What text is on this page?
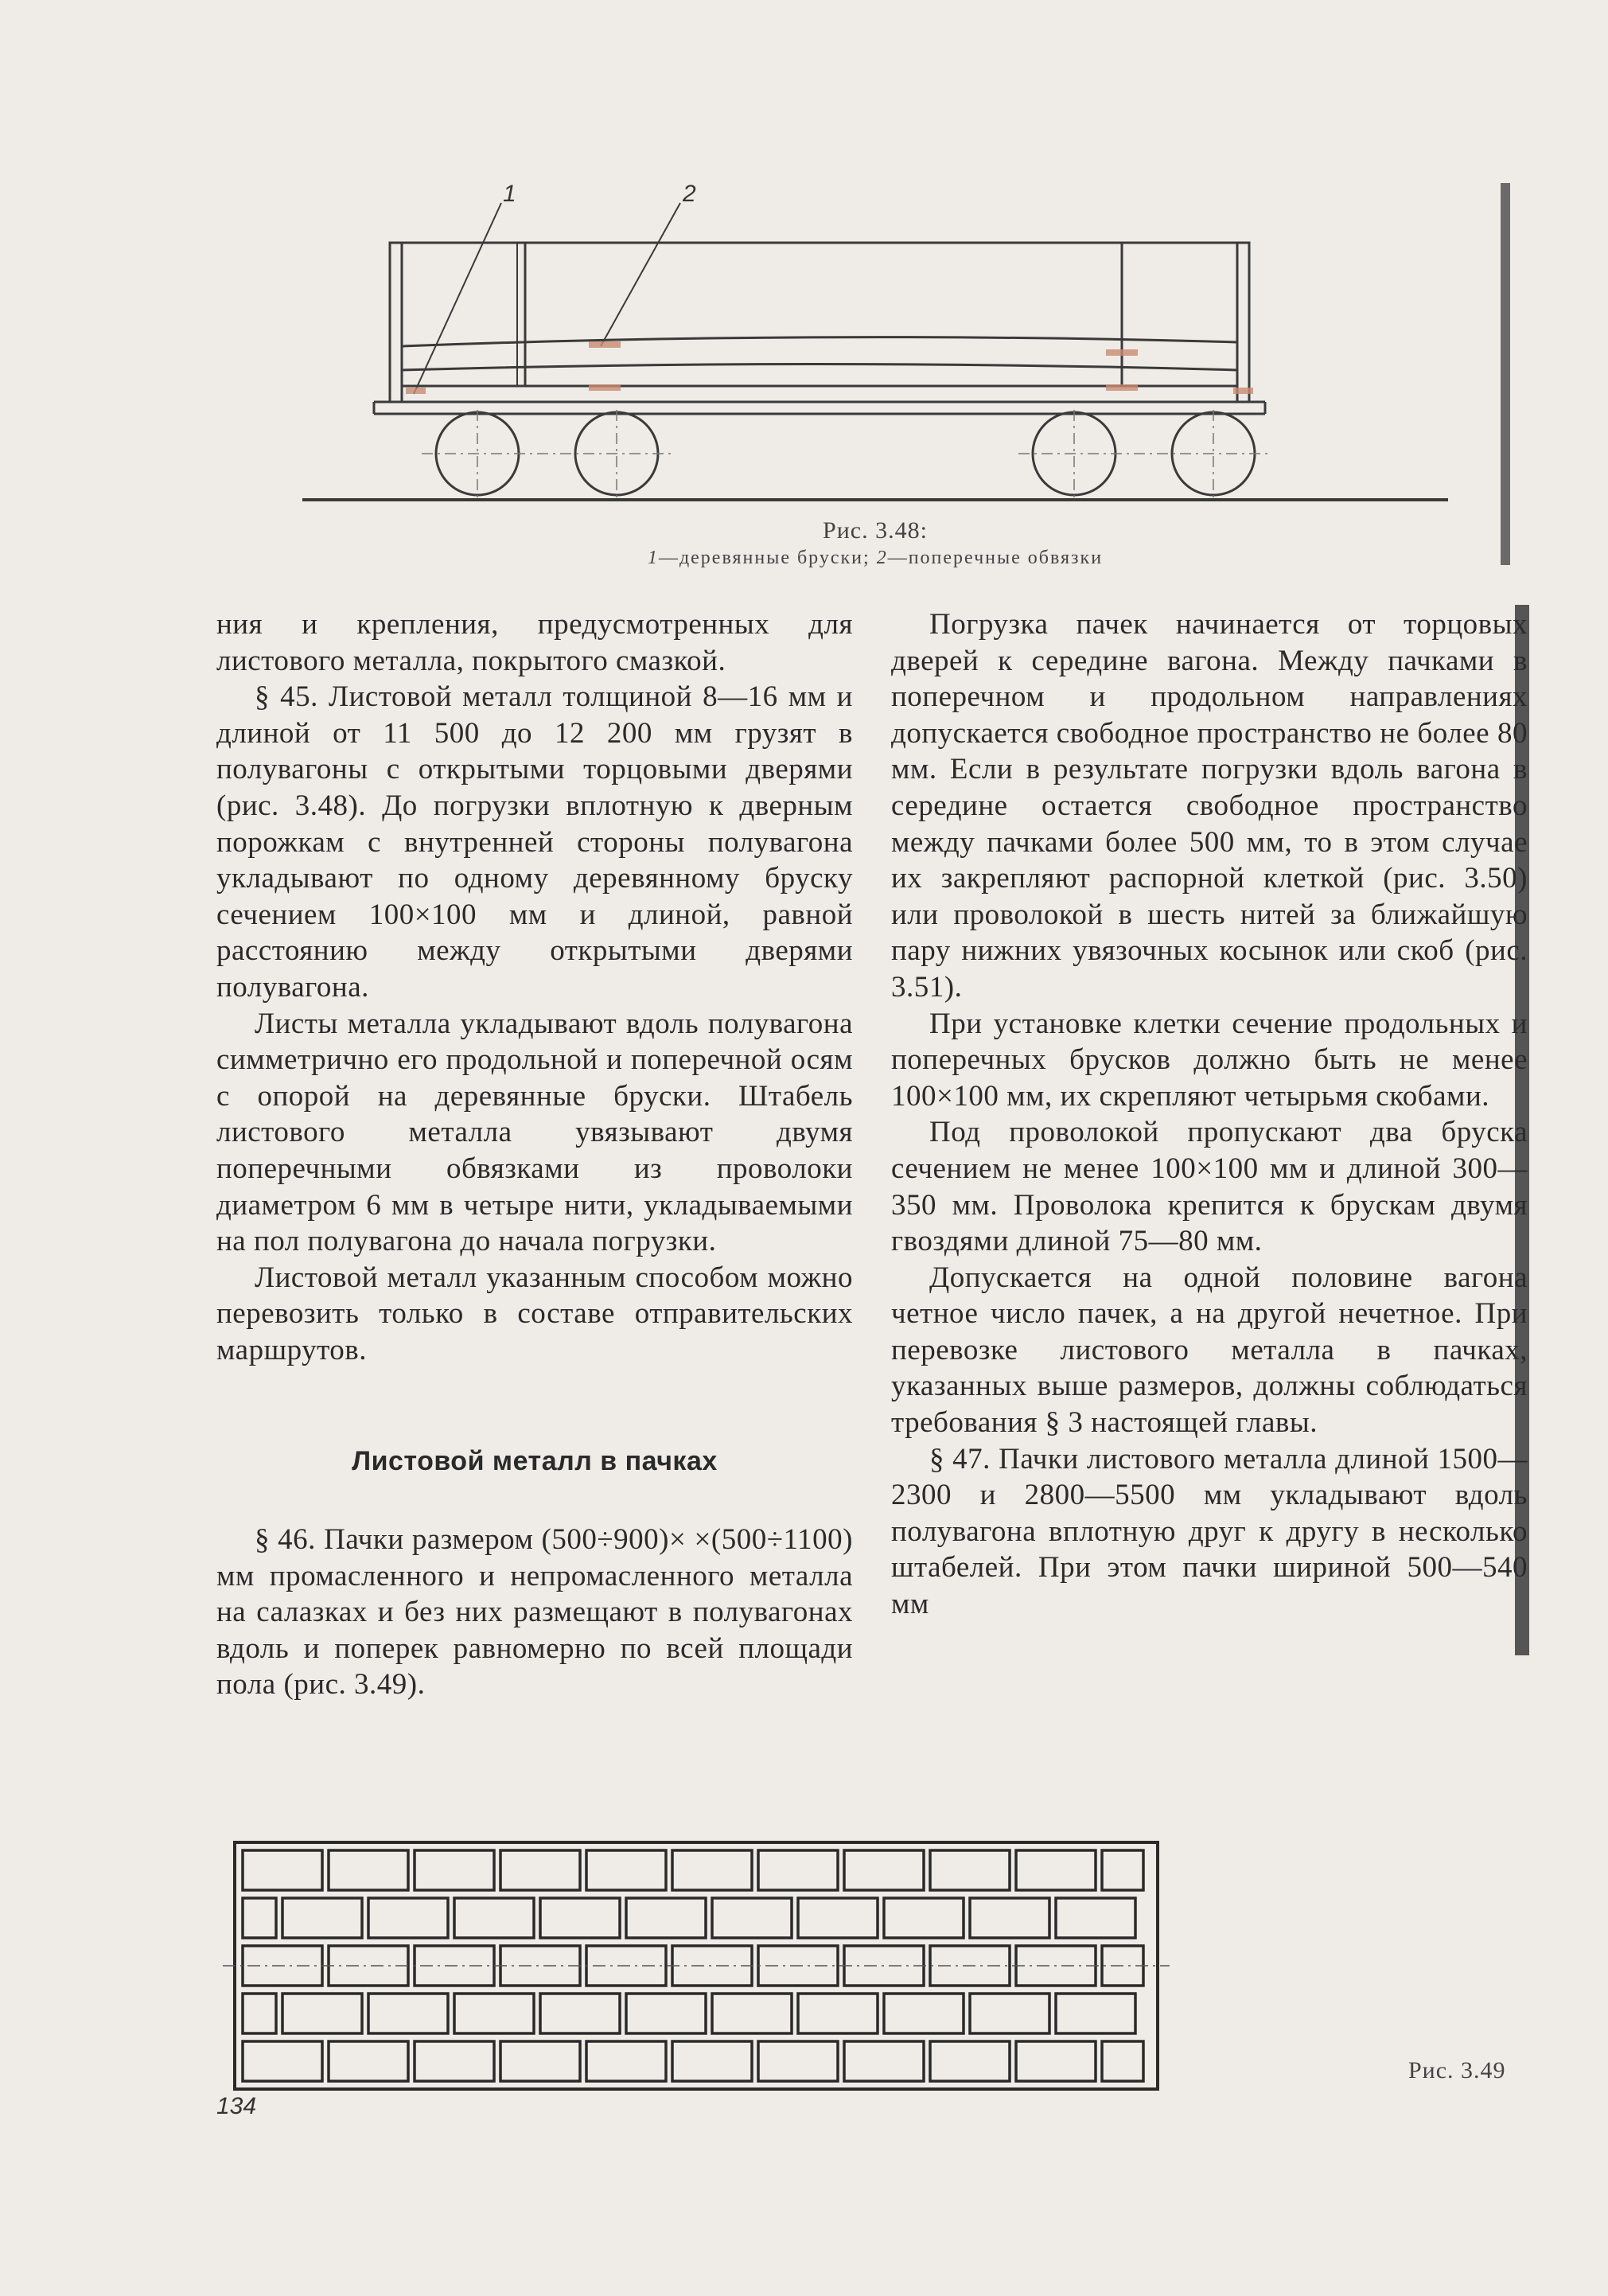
1	2
Рис. 3.48:
1—деревянные бруски; 2—поперечные обвязки

ния и крепления, предусмотренных для листового металла, покрытого смазкой.

§ 45. Листовой металл толщиной 8—16 мм и длиной от 11 500 до 12 200 мм грузят в полувагоны с открытыми торцовыми дверями (рис. 3.48). До погрузки вплотную к дверным порожкам с внутренней стороны полувагона укладывают по одному деревянному бруску сечением 100×100 мм и длиной, равной расстоянию между открытыми дверями полувагона.

Листы металла укладывают вдоль полувагона симметрично его продольной и поперечной осям с опорой на деревянные бруски. Штабель листового металла увязывают двумя поперечными обвязками из проволоки диаметром 6 мм в четыре нити, укладываемыми на пол полувагона до начала погрузки.

Листовой металл указанным способом можно перевозить только в составе отправительских маршрутов.

Листовой металл в пачках

§ 46. Пачки размером (500÷900)× ×(500÷1100) мм промасленного и непромасленного металла на салазках и без них размещают в полувагонах вдоль и поперек равномерно по всей площади пола (рис. 3.49).

Погрузка пачек начинается от торцовых дверей к середине вагона. Между пачками в поперечном и продольном направлениях допускается свободное пространство не более 80 мм. Если в результате погрузки вдоль вагона в середине остается свободное пространство между пачками более 500 мм, то в этом случае их закрепляют распорной клеткой (рис. 3.50) или проволокой в шесть нитей за ближайшую пару нижних увязочных косынок или скоб (рис. 3.51).

При установке клетки сечение продольных и поперечных брусков должно быть не менее 100×100 мм, их скрепляют четырьмя скобами.

Под проволокой пропускают два бруска сечением не менее 100×100 мм и длиной 300—350 мм. Проволока крепится к брускам двумя гвоздями длиной 75—80 мм.

Допускается на одной половине вагона четное число пачек, а на другой нечетное. При перевозке листового металла в пачках, указанных выше размеров, должны соблюдаться требования § 3 настоящей главы.

§ 47. Пачки листового металла длиной 1500—2300 и 2800—5500 мм укладывают вдоль полувагона вплотную друг к другу в несколько штабелей. При этом пачки шириной 500—540 мм

Рис. 3.49
134
